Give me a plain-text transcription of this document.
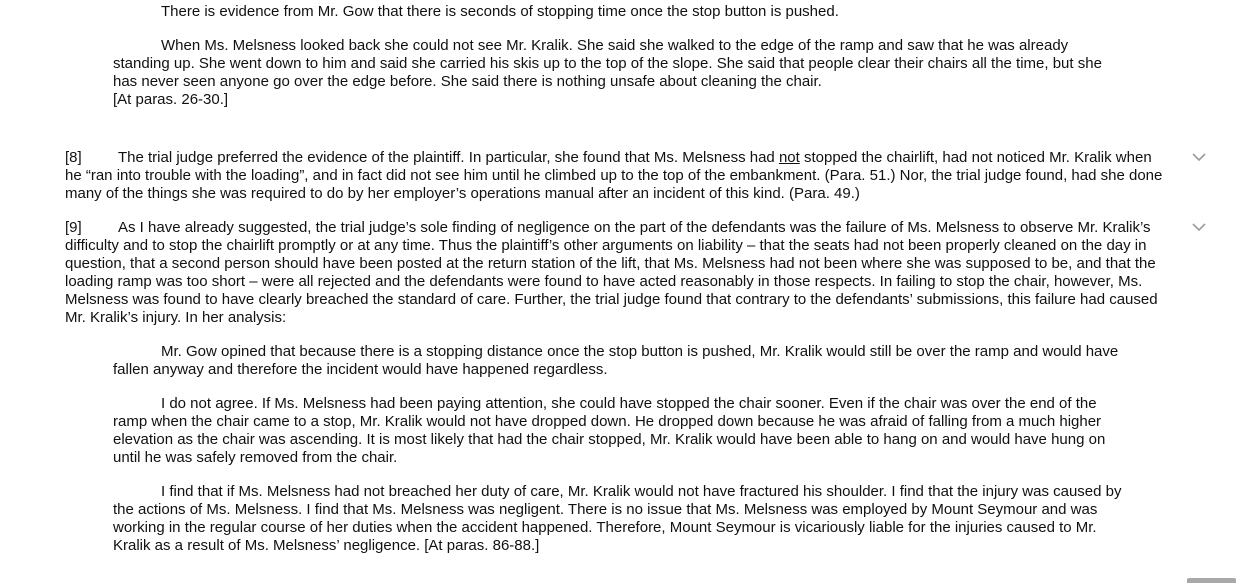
There is evidence from Mr. Gow that there is seconds of stopping time once the stop button is pushed.

When Ms. Melsness looked back she could not see Mr. Kralik. She said she walked to the edge of the ramp and saw that he was already standing up. She went down to him and said she carried his skis up to the top of the slope. She said that people clear their chairs all the time, but she has never seen anyone go over the edge before. She said there is nothing unsafe about cleaning the chair.
[At paras. 26-30.]

[8] The trial judge preferred the evidence of the plaintiff. In particular, she found that Ms. Melsness had not stopped the chairlift, had not noticed Mr. Kralik when he “ran into trouble with the loading”, and in fact did not see him until he climbed up to the top of the embankment. (Para. 51.) Nor, the trial judge found, had she done many of the things she was required to do by her employer’s operations manual after an incident of this kind. (Para. 49.)

[9] As I have already suggested, the trial judge’s sole finding of negligence on the part of the defendants was the failure of Ms. Melsness to observe Mr. Kralik’s difficulty and to stop the chairlift promptly or at any time. Thus the plaintiff’s other arguments on liability – that the seats had not been properly cleaned on the day in question, that a second person should have been posted at the return station of the lift, that Ms. Melsness had not been where she was supposed to be, and that the loading ramp was too short – were all rejected and the defendants were found to have acted reasonably in those respects. In failing to stop the chair, however, Ms. Melsness was found to have clearly breached the standard of care. Further, the trial judge found that contrary to the defendants’ submissions, this failure had caused Mr. Kralik’s injury. In her analysis:

Mr. Gow opined that because there is a stopping distance once the stop button is pushed, Mr. Kralik would still be over the ramp and would have fallen anyway and therefore the incident would have happened regardless.

I do not agree. If Ms. Melsness had been paying attention, she could have stopped the chair sooner. Even if the chair was over the end of the ramp when the chair came to a stop, Mr. Kralik would not have dropped down. He dropped down because he was afraid of falling from a much higher elevation as the chair was ascending. It is most likely that had the chair stopped, Mr. Kralik would have been able to hang on and would have hung on until he was safely removed from the chair.

I find that if Ms. Melsness had not breached her duty of care, Mr. Kralik would not have fractured his shoulder. I find that the injury was caused by the actions of Ms. Melsness. I find that Ms. Melsness was negligent. There is no issue that Ms. Melsness was employed by Mount Seymour and was working in the regular course of her duties when the accident happened. Therefore, Mount Seymour is vicariously liable for the injuries caused to Mr. Kralik as a result of Ms. Melsness’ negligence. [At paras. 86-88.]
